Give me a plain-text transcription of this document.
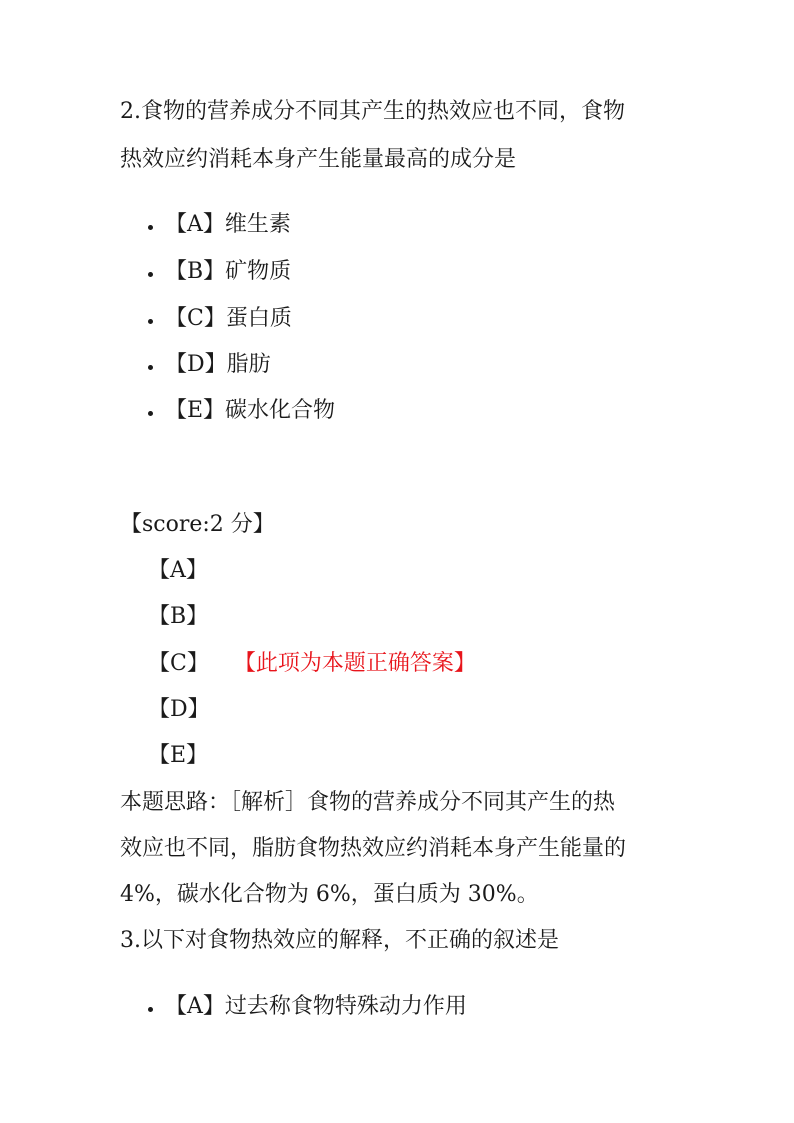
2.食物的营养成分不同其产生的热效应也不同，食物
热效应约消耗本身产生能量最高的成分是
【A】维生素
【B】矿物质
【C】蛋白质
【D】脂肪
【E】碳水化合物
【score:2 分】
【A】
【B】
【C】 【此项为本题正确答案】
【D】
【E】
本题思路：［解析］食物的营养成分不同其产生的热
效应也不同，脂肪食物热效应约消耗本身产生能量的
4%，碳水化合物为 6%，蛋白质为 30%。
3.以下对食物热效应的解释，不正确的叙述是
【A】过去称食物特殊动力作用
